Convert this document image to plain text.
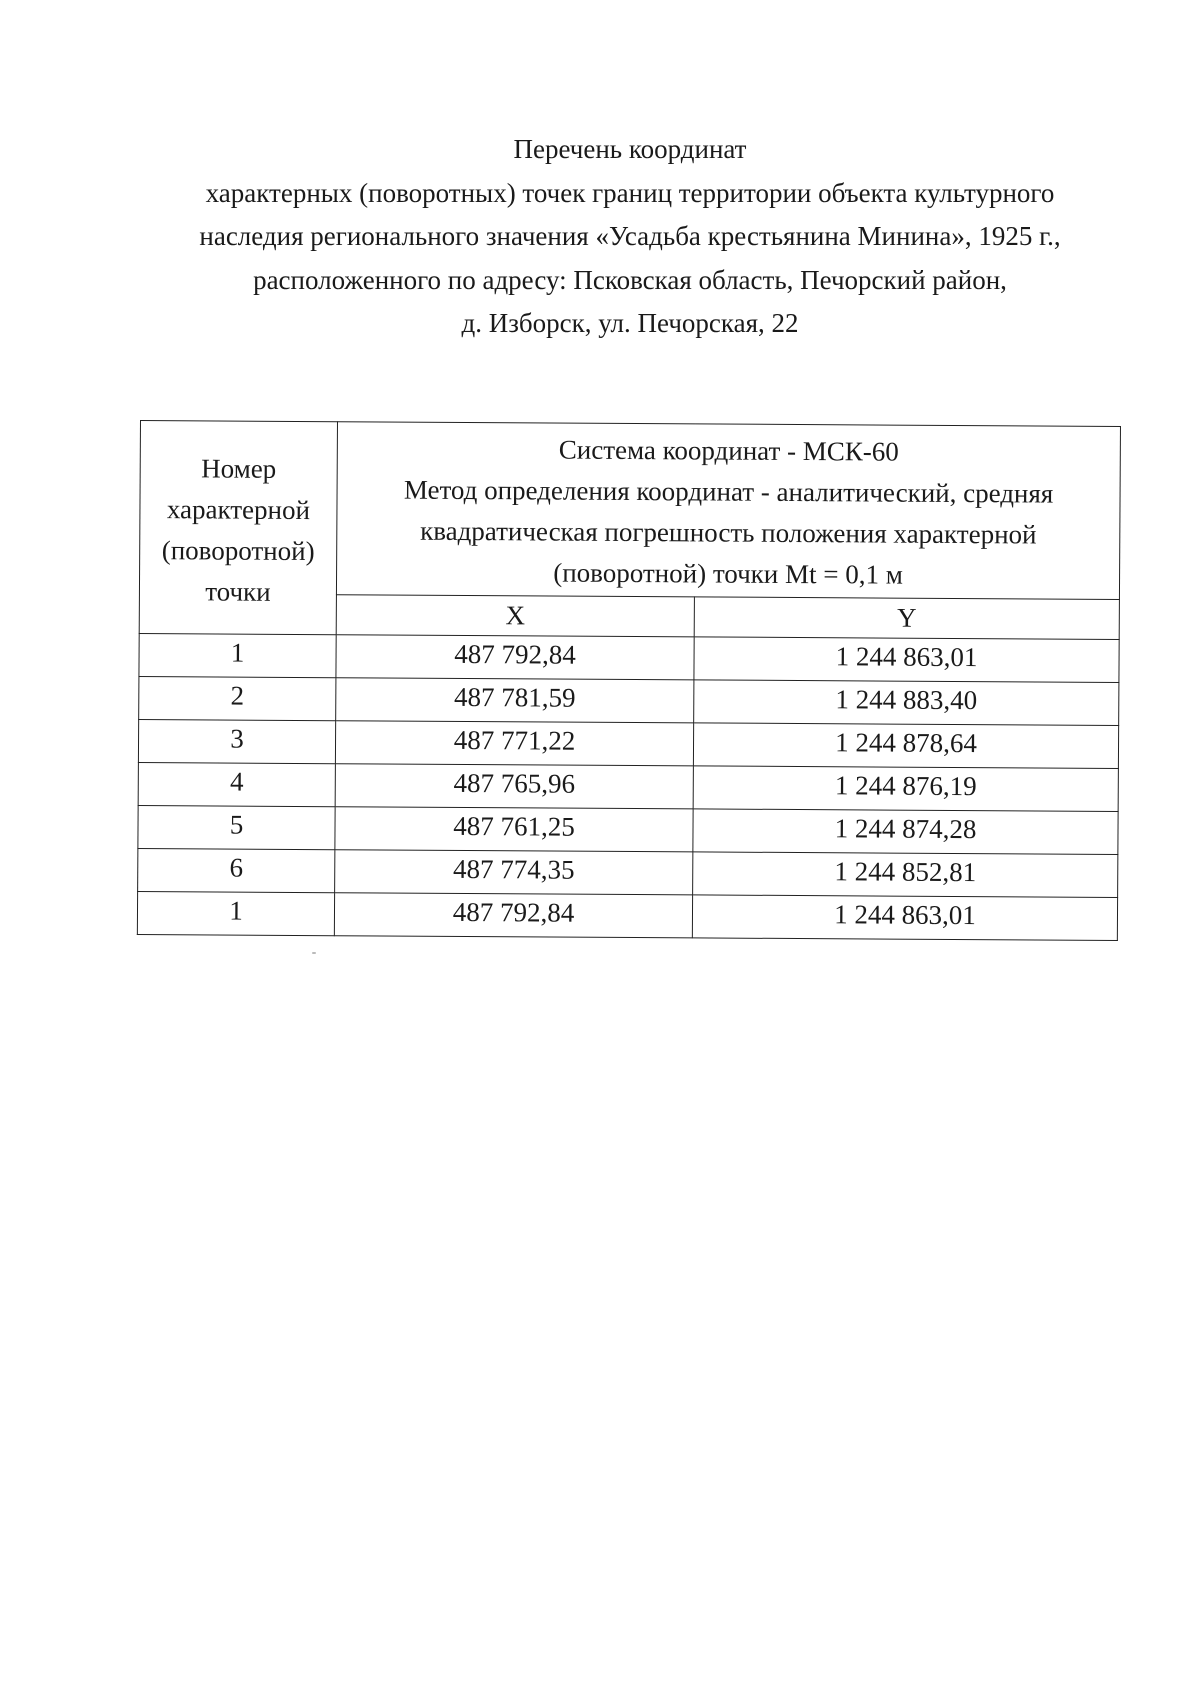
Перечень координат
характерных (поворотных) точек границ территории объекта культурного
наследия регионального значения «Усадьба крестьянина Минина», 1925 г.,
расположенного по адресу: Псковская область, Печорский район,
д. Изборск, ул. Печорская, 22
Номер
характерной
(поворотной)
точки	Система координат - МСК-60
Метод определения координат - аналитический, средняя
квадратическая погрешность положения характерной
(поворотной) точки Mt = 0,1 м	

	X	Y
1	487 792,84	1 244 863,01
2	487 781,59	1 244 883,40
3	487 771,22	1 244 878,64
4	487 765,96	1 244 876,19
5	487 761,25	1 244 874,28
6	487 774,35	1 244 852,81
1	487 792,84	1 244 863,01
